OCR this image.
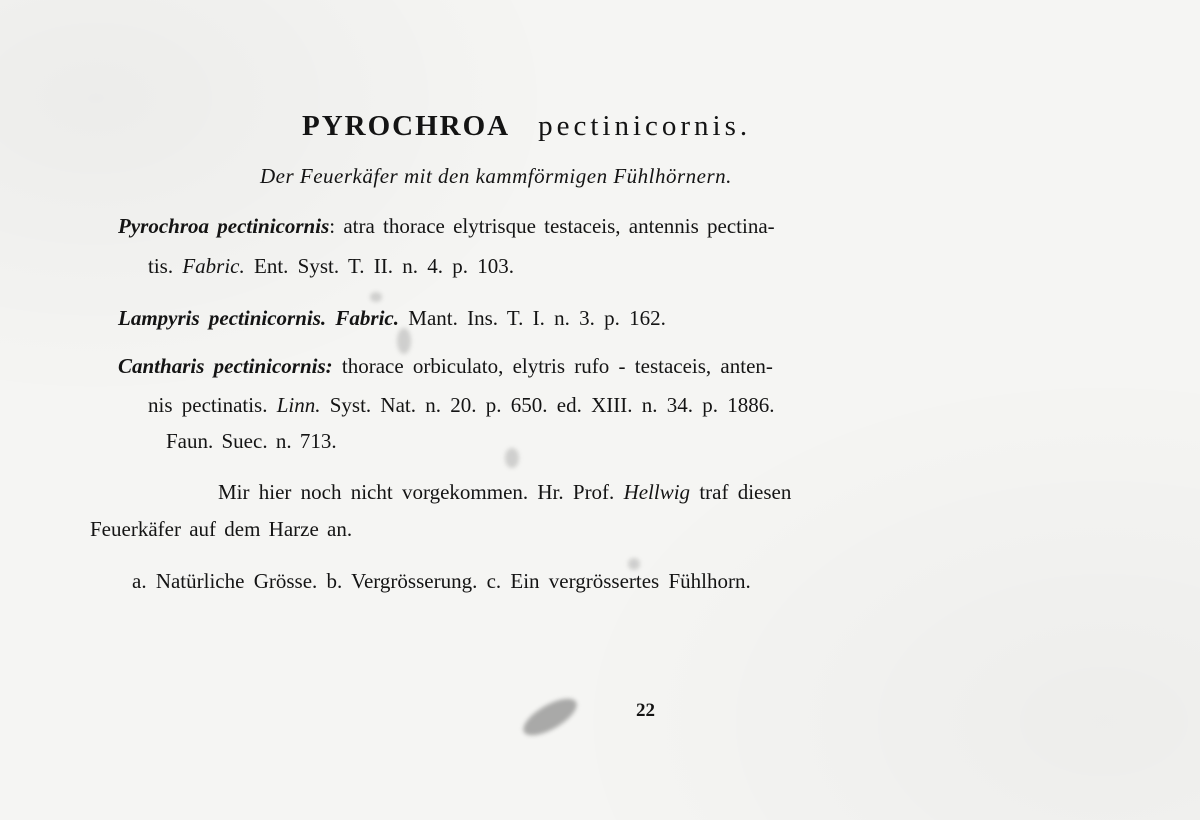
PYROCHROA pectinicornis.
Der Feuerkäfer mit den kammförmigen Fühlhörnern.
Pyrochroa pectinicornis: atra thorace elytrisque testaceis, antennis pectina-
tis. Fabric. Ent. Syst. T. II. n. 4. p. 103.
Lampyris pectinicornis. Fabric. Mant. Ins. T. I. n. 3. p. 162.
Cantharis pectinicornis: thorace orbiculato, elytris rufo - testaceis, anten-
nis pectinatis. Linn. Syst. Nat. n. 20. p. 650. ed. XIII. n. 34. p. 1886.
Faun. Suec. n. 713.
Mir hier noch nicht vorgekommen. Hr. Prof. Hellwig traf diesen
Feuerkäfer auf dem Harze an.
a. Natürliche Grösse. b. Vergrösserung. c. Ein vergrössertes Fühlhorn.
22
